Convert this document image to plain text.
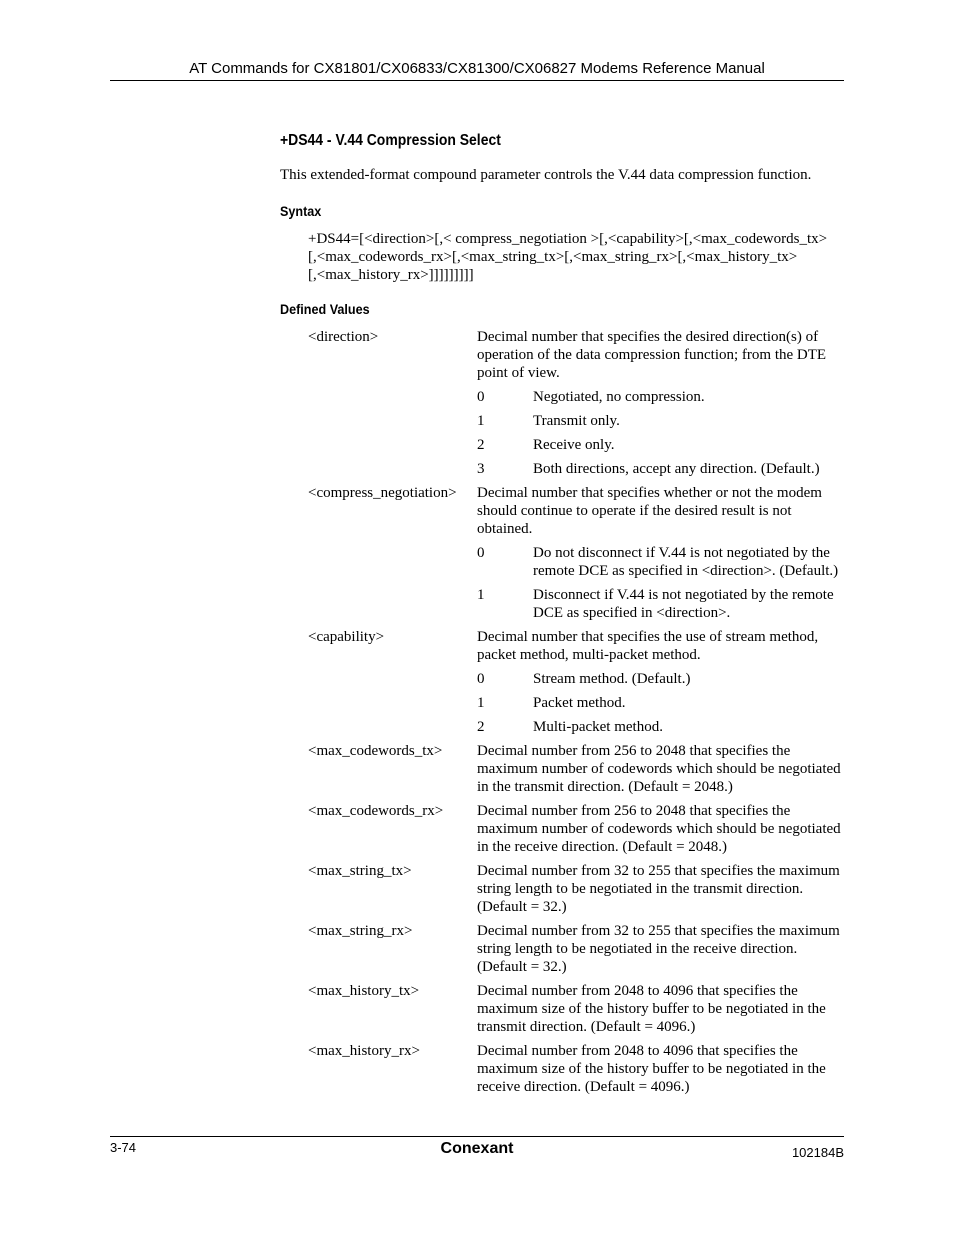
AT Commands for CX81801/CX06833/CX81300/CX06827 Modems Reference Manual
+DS44 - V.44 Compression Select
This extended-format compound parameter controls the V.44 data compression function.
Syntax
+DS44=[<direction>[,< compress_negotiation >[,<capability>[,<max_codewords_tx>
[,<max_codewords_rx>[,<max_string_tx>[,<max_string_rx>[,<max_history_tx>
[,<max_history_rx>]]]]]]]]]
Defined Values
<direction>	Decimal number that specifies the desired direction(s) of operation of the data compression function; from the DTE point of view.
0	Negotiated, no compression.
1	Transmit only.
2	Receive only.
3	Both directions, accept any direction. (Default.)
<compress_negotiation> Decimal number that specifies whether or not the modem should continue to operate if the desired result is not obtained.
0	Do not disconnect if V.44 is not negotiated by the remote DCE as specified in <direction>. (Default.)
1	Disconnect if V.44 is not negotiated by the remote DCE as specified in <direction>.
<capability>	Decimal number that specifies the use of stream method, packet method, multi-packet method.
0	Stream method. (Default.)
1	Packet method.
2	Multi-packet method.
<max_codewords_tx> Decimal number from 256 to 2048 that specifies the maximum number of codewords which should be negotiated in the transmit direction. (Default = 2048.)
<max_codewords_rx> Decimal number from 256 to 2048 that specifies the maximum number of codewords which should be negotiated in the receive direction. (Default = 2048.)
<max_string_tx>	Decimal number from 32 to 255 that specifies the maximum string length to be negotiated in the transmit direction. (Default = 32.)
<max_string_rx>	Decimal number from 32 to 255 that specifies the maximum string length to be negotiated in the receive direction. (Default = 32.)
<max_history_tx>	Decimal number from 2048 to 4096 that specifies the maximum size of the history buffer to be negotiated in the transmit direction. (Default = 4096.)
<max_history_rx>	Decimal number from 2048 to 4096 that specifies the maximum size of the history buffer to be negotiated in the receive direction. (Default = 4096.)
3-74	Conexant	102184B
